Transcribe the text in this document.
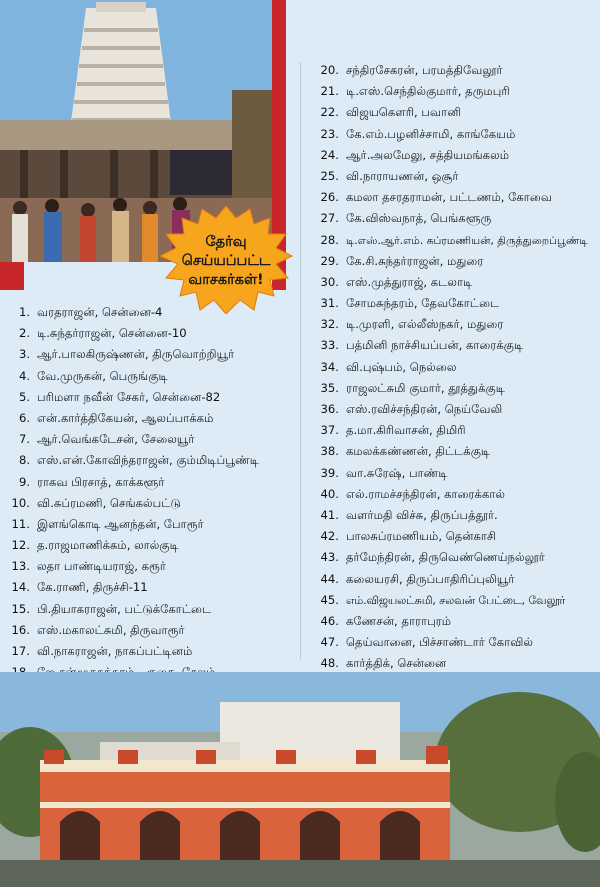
தேர்வு
செய்யப்பட்ட
வாசகர்கள்!
1. வரதராஜன், சென்னை-4
2. டி.சுந்தர்ராஜன், சென்னை-10
3. ஆர்.பாலகிருஷ்ணன், திருவொற்றியூர்
4. வே.முருகன், பெருங்குடி
5. பரிமளா நவீன் சேகர், சென்னை-82
6. என்.கார்த்திகேயன், ஆலப்பாக்கம்
7. ஆர்.வெங்கடேசன், சேலையூர்
8. எஸ்.என்.கோவிந்தராஜன், கும்மிடிப்பூண்டி
9. ராகவ பிரசாத், காக்களூர்
10. வி.சுப்ரமணி, செங்கல்பட்டு
11. இளங்கொடி ஆனந்தன், போரூர்
12. த.ராஜமாணிக்கம், லால்குடி
13. லதா பாண்டியராஜ், கரூர்
14. கே.ராணி, திருச்சி-11
15. பி.தியாகராஜன், பட்டுக்கோட்டை
16. எஸ்.மகாலட்சுமி, திருவாரூர்
17. வி.நாகராஜன், நாகப்பட்டினம்
20. சந்திரசேகரன், பரமத்திவேலூர்
21. டி.எஸ்.செந்தில்குமார், தருமபுரி
22. விஜயகௌரி, பவானி
23. கே.எம்.பழனிச்சாமி, காங்கேயம்
24. ஆர்.அலமேலு, சத்தியமங்கலம்
25. வி.நாராயணன், ஒசூர்
26. கமலா தசரதராமன், பட்டணம், கோவை
27. கே.விஸ்வநாத், பெங்களூரு
28. டி.எஸ்.ஆர்.எம். சுப்ரமணியன், திருத்துறைப்பூண்டி
29. கே.சி.சுந்தர்ராஜன், மதுரை
30. எஸ்.முத்துராஜ், கடலாடி
31. சோமசுந்தரம், தேவகோட்டை
32. டி.முரளி, எல்லீஸ்நகர், மதுரை
33. பத்மினி நாச்சியப்பன், காரைக்குடி
34. வி.புஷ்பம், நெல்லை
35. ராஜலட்சுமி குமார், தூத்துக்குடி
36. எஸ்.ரவிச்சந்திரன், நெய்வேலி
37. த.மா.கிரிவாசன், திமிரி
38. கமலக்கண்ணன், திட்டக்குடி
39. வா.சுரேஷ், பாண்டி
40. எல்.ராமச்சந்திரன், காரைக்கால்
41. வளர்மதி விச்சு, திருப்பத்தூர்.
42. பாலசுப்ரமணியம், தென்காசி
43. தர்மேந்திரன், திருவெண்ணெய்நல்லூர்
44. கலையரசி, திருப்பாதிரிப்புலியூர்
45. எம்.விஜயலட்சுமி, சலவன் பேட்டை, வேலூர்
46. கணேசன், தாராபுரம்
47. தெய்வானை, பிச்சாண்டார் கோவில்
48. கார்த்திக், சென்னை
